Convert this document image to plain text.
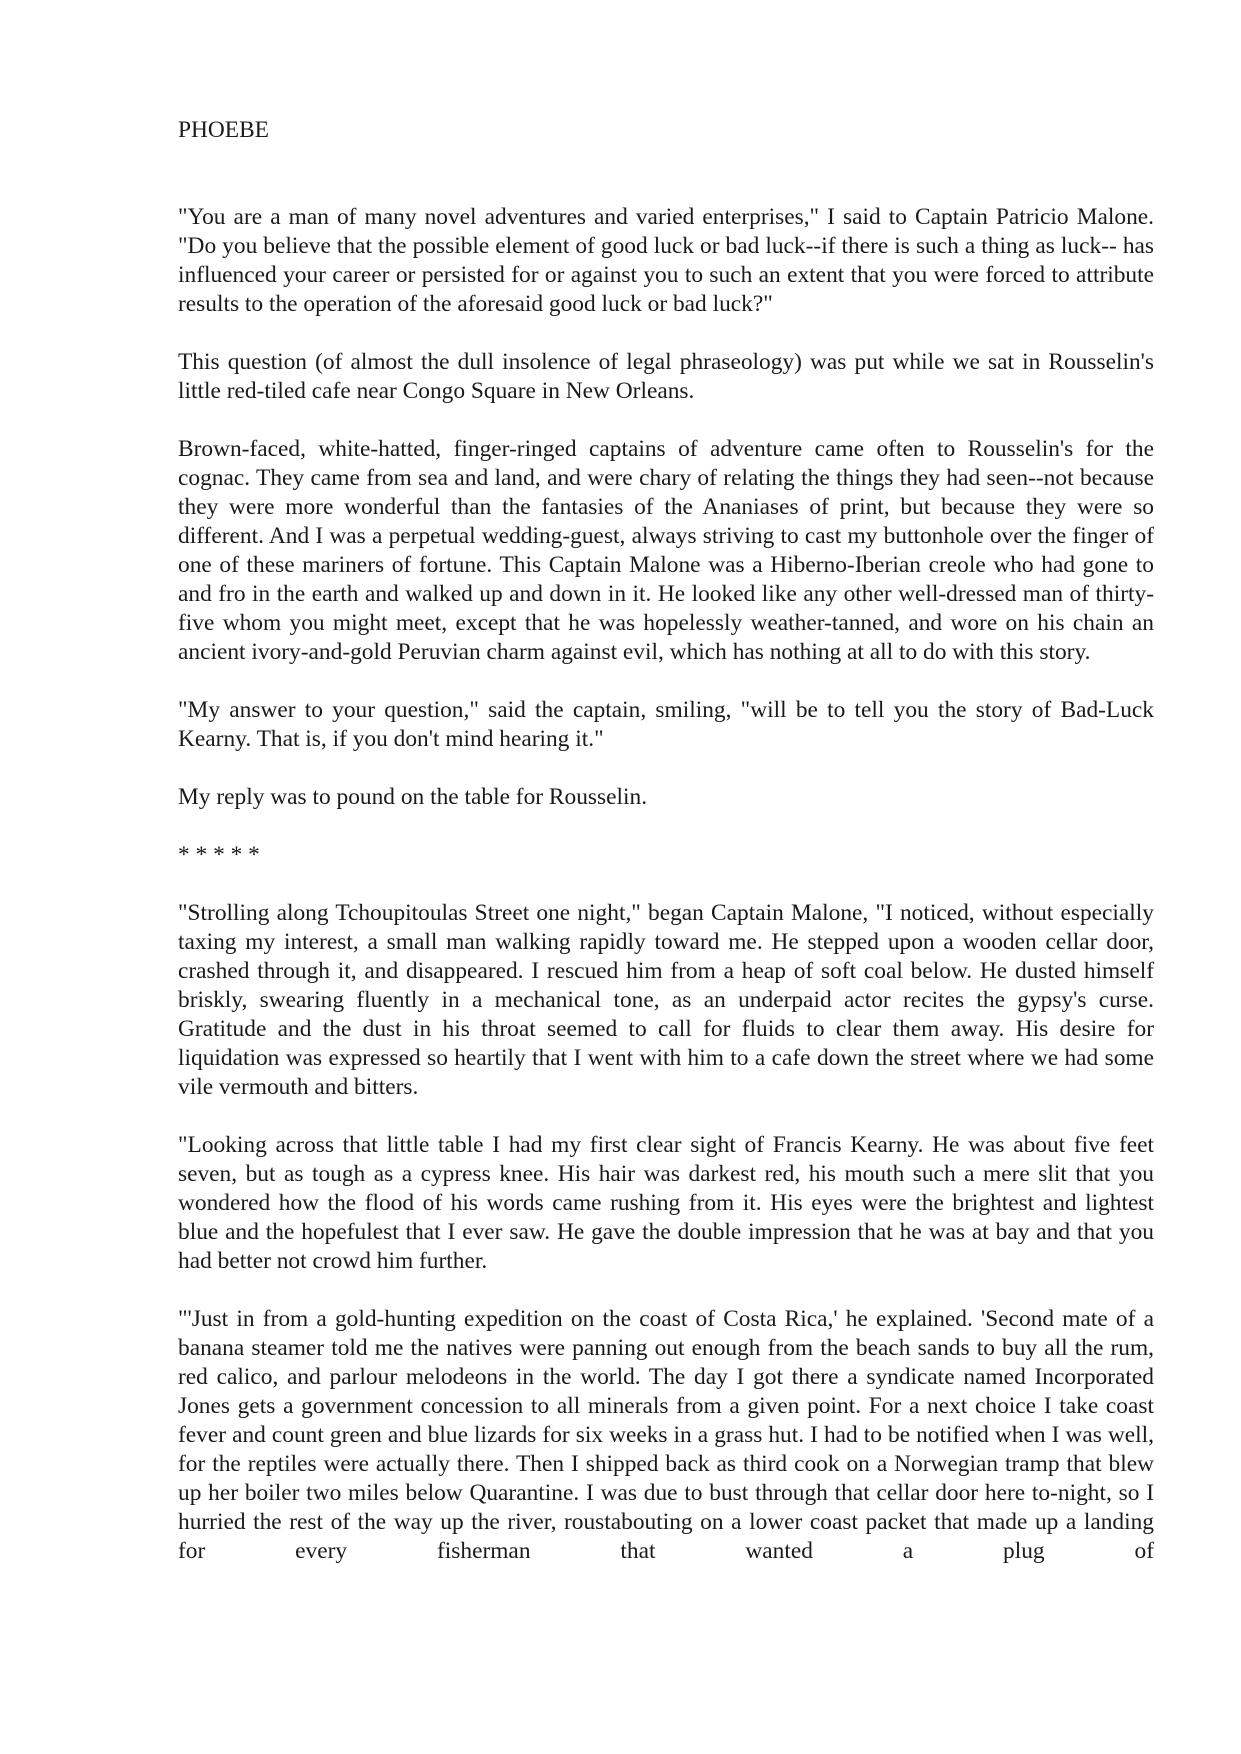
PHOEBE

"You are a man of many novel adventures and varied enterprises," I said to Captain Patricio Malone. "Do you believe that the possible element of good luck or bad luck--if there is such a thing as luck-- has influenced your career or persisted for or against you to such an extent that you were forced to attribute results to the operation of the aforesaid good luck or bad luck?"

This question (of almost the dull insolence of legal phraseology) was put while we sat in Rousselin's little red-tiled cafe near Congo Square in New Orleans.

Brown-faced, white-hatted, finger-ringed captains of adventure came often to Rousselin's for the cognac. They came from sea and land, and were chary of relating the things they had seen--not because they were more wonderful than the fantasies of the Ananiases of print, but because they were so different. And I was a perpetual wedding-guest, always striving to cast my buttonhole over the finger of one of these mariners of fortune. This Captain Malone was a Hiberno-Iberian creole who had gone to and fro in the earth and walked up and down in it. He looked like any other well-dressed man of thirty-five whom you might meet, except that he was hopelessly weather-tanned, and wore on his chain an ancient ivory-and-gold Peruvian charm against evil, which has nothing at all to do with this story.

"My answer to your question," said the captain, smiling, "will be to tell you the story of Bad-Luck Kearny. That is, if you don't mind hearing it."

My reply was to pound on the table for Rousselin.

* * * * *

"Strolling along Tchoupitoulas Street one night," began Captain Malone, "I noticed, without especially taxing my interest, a small man walking rapidly toward me. He stepped upon a wooden cellar door, crashed through it, and disappeared. I rescued him from a heap of soft coal below. He dusted himself briskly, swearing fluently in a mechanical tone, as an underpaid actor recites the gypsy's curse. Gratitude and the dust in his throat seemed to call for fluids to clear them away. His desire for liquidation was expressed so heartily that I went with him to a cafe down the street where we had some vile vermouth and bitters.

"Looking across that little table I had my first clear sight of Francis Kearny. He was about five feet seven, but as tough as a cypress knee. His hair was darkest red, his mouth such a mere slit that you wondered how the flood of his words came rushing from it. His eyes were the brightest and lightest blue and the hopefulest that I ever saw. He gave the double impression that he was at bay and that you had better not crowd him further.

"'Just in from a gold-hunting expedition on the coast of Costa Rica,' he explained. 'Second mate of a banana steamer told me the natives were panning out enough from the beach sands to buy all the rum, red calico, and parlour melodeons in the world. The day I got there a syndicate named Incorporated Jones gets a government concession to all minerals from a given point. For a next choice I take coast fever and count green and blue lizards for six weeks in a grass hut. I had to be notified when I was well, for the reptiles were actually there. Then I shipped back as third cook on a Norwegian tramp that blew up her boiler two miles below Quarantine. I was due to bust through that cellar door here to-night, so I hurried the rest of the way up the river, roustabouting on a lower coast packet that made up a landing for every fisherman that wanted a plug of
